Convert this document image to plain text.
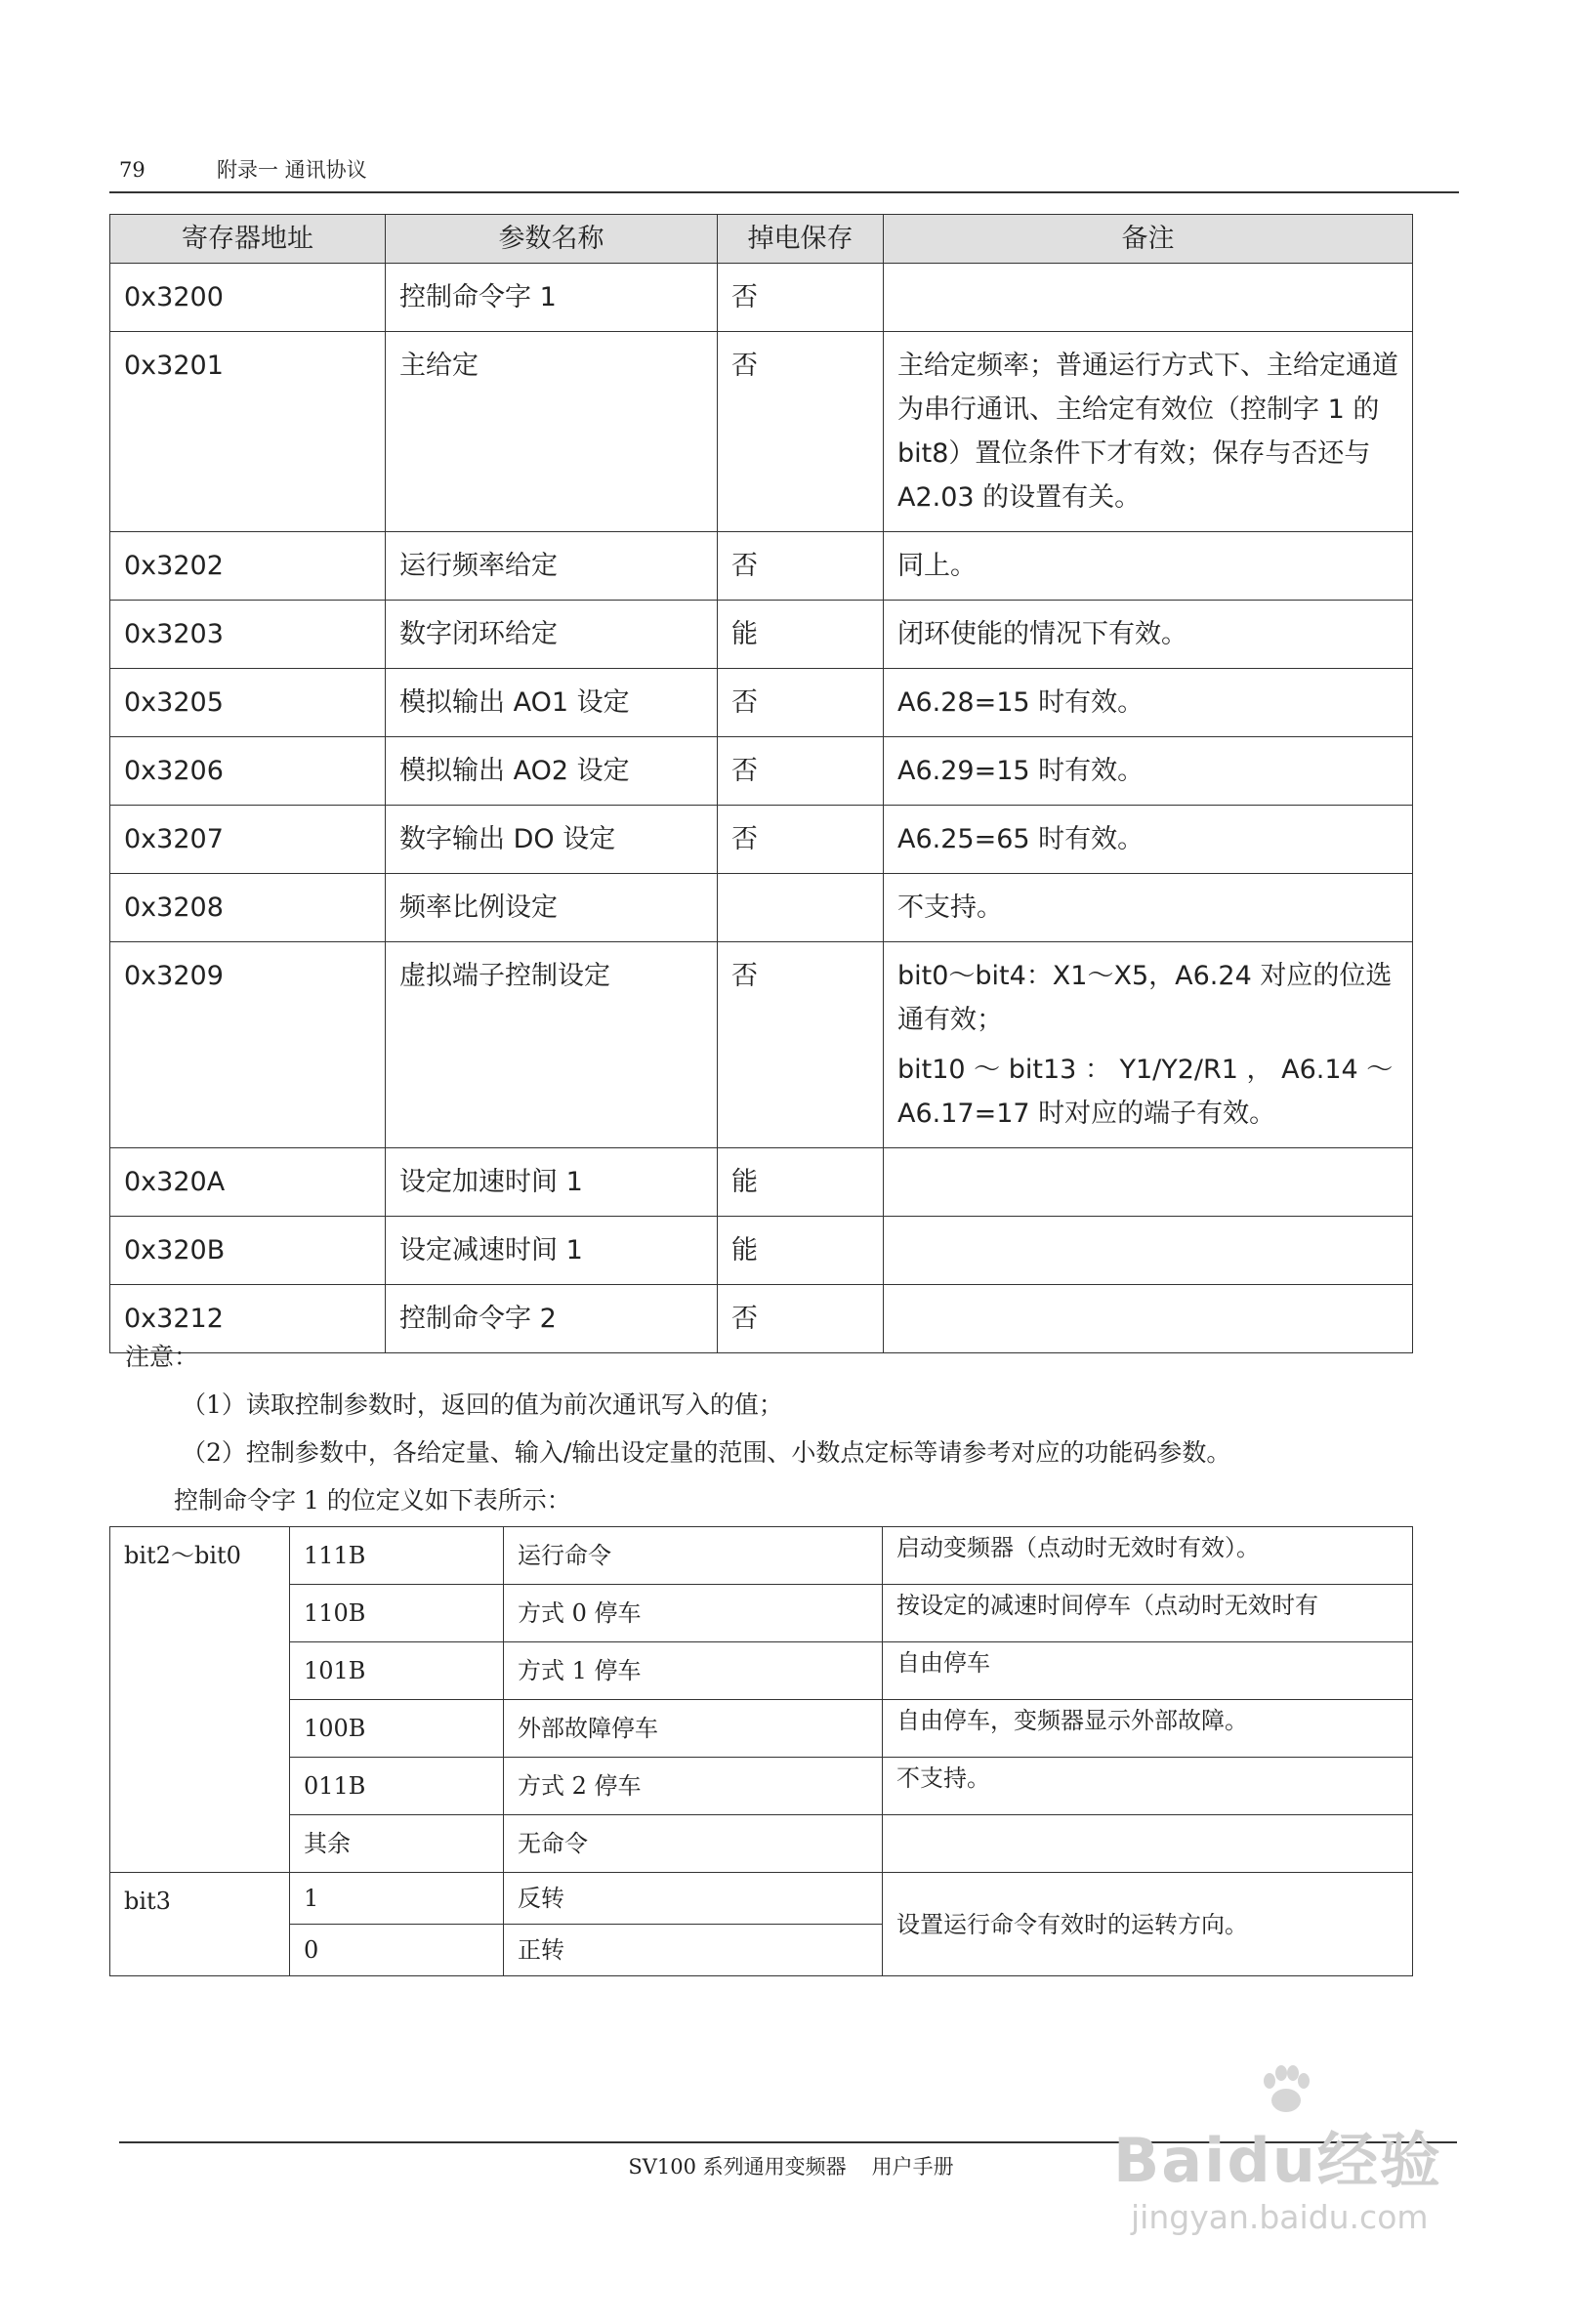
79	附录一 通讯协议
寄存器地址	参数名称	掉电保存	备注
0x3200	控制命令字 1	否	
0x3201	主给定	否	主给定频率；普通运行方式下、主给定通道为串行通讯、主给定有效位（控制字 1 的 bit8）置位条件下才有效；保存与否还与 A2.03 的设置有关。

0x3202	运行频率给定	否	同上。

0x3203	数字闭环给定	能	闭环使能的情况下有效。

0x3205	模拟输出 AO1 设定	否	A6.28=15 时有效。

0x3206	模拟输出 AO2 设定	否	A6.29=15 时有效。

0x3207	数字输出 DO 设定	否	A6.25=65 时有效。

0x3208	频率比例设定		不支持。

0x3209	虚拟端子控制设定	否	bit0～bit4：X1～X5，A6.24 对应的位选通有效；
bit10 ～ bit13 ： Y1/Y2/R1 ， A6.14 ～ A6.17=17 时对应的端子有效。

0x320A	设定加速时间 1	能	
0x320B	设定减速时间 1	能	
0x3212	控制命令字 2	否	
注意：
（1）读取控制参数时，返回的值为前次通讯写入的值；
（2）控制参数中，各给定量、输入/输出设定量的范围、小数点定标等请参考对应的功能码参数。
控制命令字 1 的位定义如下表所示：
bit2～bit0	111B	运行命令	启动变频器（点动时无效时有效）。
	110B	方式 0 停车	按设定的减速时间停车（点动时无效时有
	101B	方式 1 停车	自由停车
	100B	外部故障停车	自由停车，变频器显示外部故障。
	011B	方式 2 停车	不支持。
	其余	无命令	
bit3	1	反转	设置运行命令有效时的运转方向。
	0	正转	
SV100 系列通用变频器 用户手册	Baidu经验
jingyan.baidu.com
